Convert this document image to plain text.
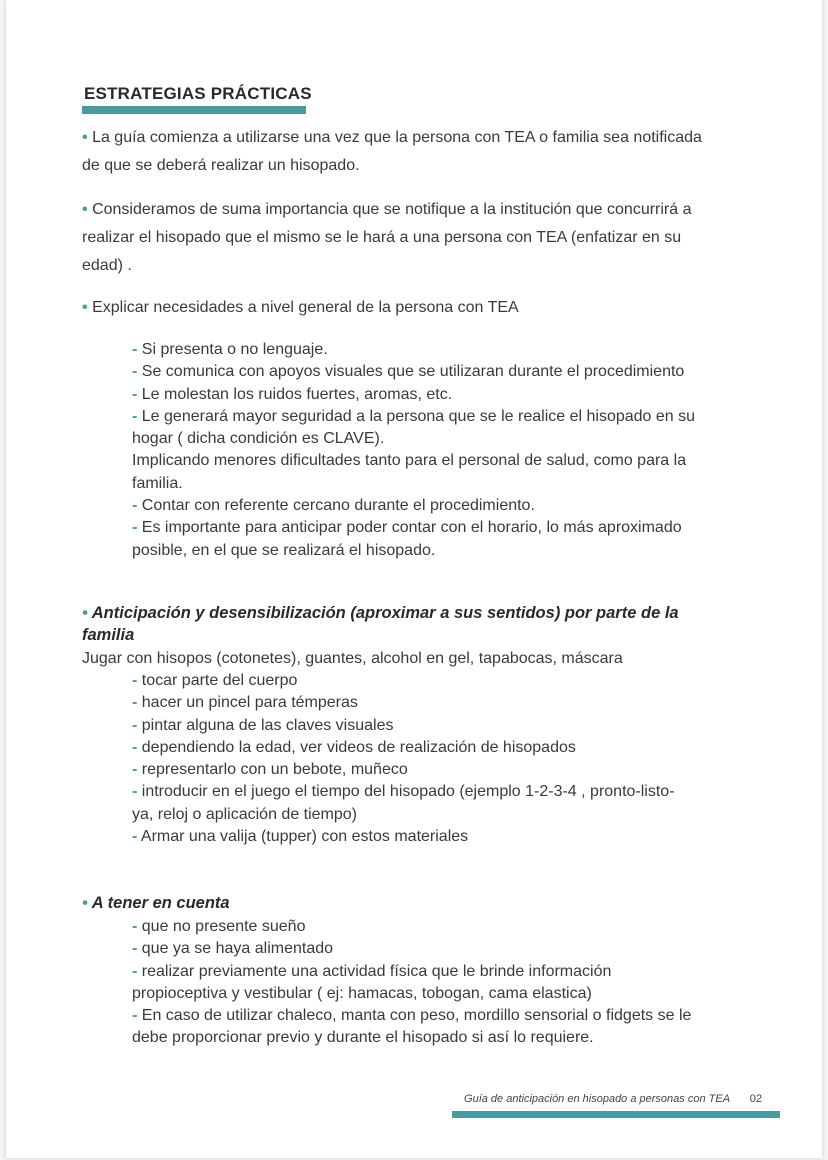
ESTRATEGIAS PRÁCTICAS
• La guía comienza a utilizarse una vez que la persona con TEA o familia sea notificada
de que se deberá realizar un hisopado.
• Consideramos de suma importancia que se notifique a la institución que concurrirá a
realizar el hisopado que el mismo se le hará a una persona con TEA (enfatizar en su
edad) .
• Explicar necesidades a nivel general de la persona con TEA
- Si presenta o no lenguaje.
- Se comunica con apoyos visuales que se utilizaran durante el procedimiento
- Le molestan los ruidos fuertes, aromas, etc.
- Le generará mayor seguridad a la persona que se le realice el hisopado en su
hogar ( dicha condición es CLAVE).
Implicando menores dificultades tanto para el personal de salud, como para la
familia.
- Contar con referente cercano durante el procedimiento.
- Es importante para anticipar poder contar con el horario, lo más aproximado
posible, en el que se realizará el hisopado.
• Anticipación y desensibilización (aproximar a sus sentidos) por parte de la
familia
Jugar con hisopos (cotonetes), guantes, alcohol en gel, tapabocas, máscara
- tocar parte del cuerpo
- hacer un pincel para témperas
- pintar alguna de las claves visuales
- dependiendo la edad, ver videos de realización de hisopados
- representarlo con un bebote, muñeco
- introducir en el juego el tiempo del hisopado (ejemplo 1-2-3-4 , pronto-listo-
ya, reloj o aplicación de tiempo)
- Armar una valija (tupper) con estos materiales
• A tener en cuenta
- que no presente sueño
- que ya se haya alimentado
- realizar previamente una actividad física que le brinde información
propioceptiva y vestibular ( ej: hamacas, tobogan, cama elastica)
- En caso de utilizar chaleco, manta con peso, mordillo sensorial o fidgets se le
debe proporcionar previo y durante el hisopado si así lo requiere.
Guía de anticipación en hisopado a personas con TEA 02
